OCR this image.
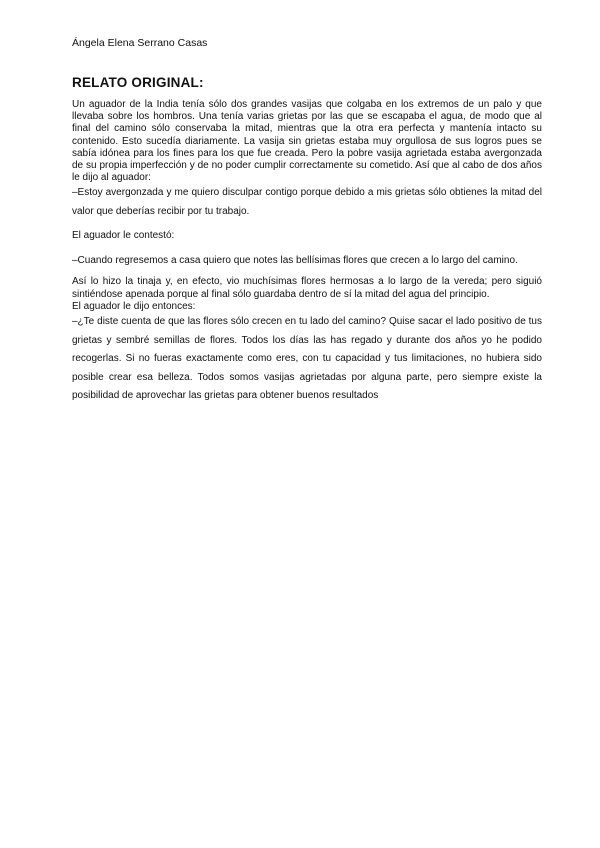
Ángela Elena Serrano Casas
RELATO ORIGINAL:

Un aguador de la India tenía sólo dos grandes vasijas que colgaba en los extremos de un palo y que llevaba sobre los hombros. Una tenía varias grietas por las que se escapaba el agua, de modo que al final del camino sólo conservaba la mitad, mientras que la otra era perfecta y mantenía intacto su contenido. Esto sucedía diariamente. La vasija sin grietas estaba muy orgullosa de sus logros pues se sabía idónea para los fines para los que fue creada. Pero la pobre vasija agrietada estaba avergonzada de su propia imperfección y de no poder cumplir correctamente su cometido. Así que al cabo de dos años le dijo al aguador:

–Estoy avergonzada y me quiero disculpar contigo porque debido a mis grietas sólo obtienes la mitad del valor que deberías recibir por tu trabajo.

El aguador le contestó:

–Cuando regresemos a casa quiero que notes las bellísimas flores que crecen a lo largo del camino.

Así lo hizo la tinaja y, en efecto, vio muchísimas flores hermosas a lo largo de la vereda; pero siguió sintiéndose apenada porque al final sólo guardaba dentro de sí la mitad del agua del principio.

El aguador le dijo entonces:

–¿Te diste cuenta de que las flores sólo crecen en tu lado del camino? Quise sacar el lado positivo de tus grietas y sembré semillas de flores. Todos los días las has regado y durante dos años yo he podido recogerlas. Si no fueras exactamente como eres, con tu capacidad y tus limitaciones, no hubiera sido posible crear esa belleza. Todos somos vasijas agrietadas por alguna parte, pero siempre existe la posibilidad de aprovechar las grietas para obtener buenos resultados
